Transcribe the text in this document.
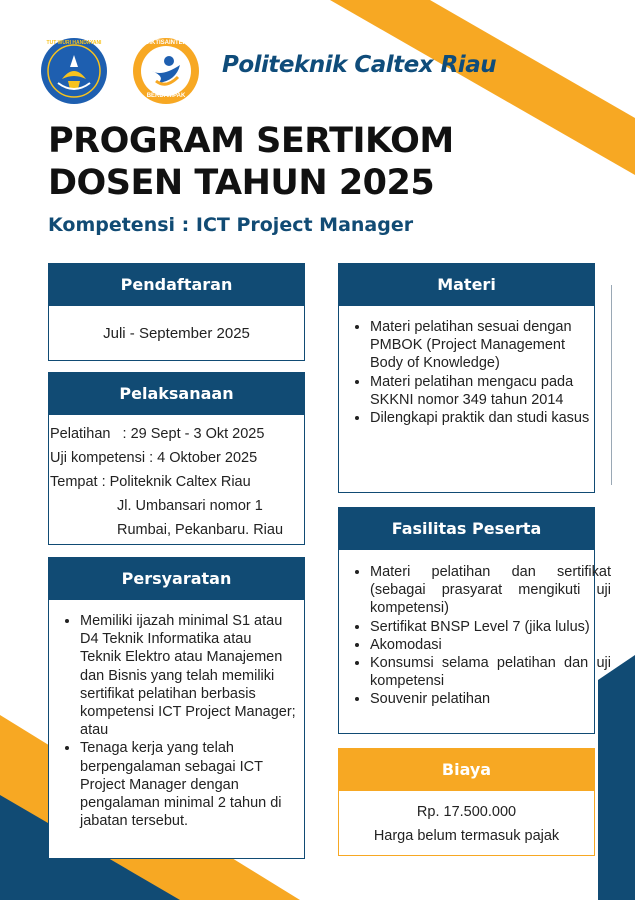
TUT WURI HANDAYANI	DIKTISAINTEK
BERDAMPAK
Politeknik Caltex Riau
PROGRAM SERTIKOM
DOSEN TAHUN 2025
Kompetensi : ICT Project Manager
Pendaftaran
Juli - September 2025
Pelaksanaan
Pelatihan   : 29 Sept - 3 Okt 2025
Uji kompetensi : 4 Oktober 2025
Tempat : Politeknik Caltex Riau
Jl. Umbansari nomor 1
Rumbai, Pekanbaru. Riau
Persyaratan
• Memiliki ijazah minimal S1 atau D4 Teknik Informatika atau Teknik Elektro atau Manajemen dan Bisnis yang telah memiliki sertifikat pelatihan berbasis kompetensi ICT Project Manager; atau
• Tenaga kerja yang telah berpengalaman sebagai ICT Project Manager dengan pengalaman minimal 2 tahun di jabatan tersebut.
Materi
• Materi pelatihan sesuai dengan PMBOK (Project Management Body of Knowledge)
• Materi pelatihan mengacu pada SKKNI nomor 349 tahun 2014
• Dilengkapi praktik dan studi kasus
Fasilitas Peserta
• Materi pelatihan dan sertifikat (sebagai prasyarat mengikuti uji kompetensi)
• Sertifikat BNSP Level 7 (jika lulus)
• Akomodasi
• Konsumsi selama pelatihan dan uji kompetensi
• Souvenir pelatihan
Biaya
Rp. 17.500.000
Harga belum termasuk pajak
